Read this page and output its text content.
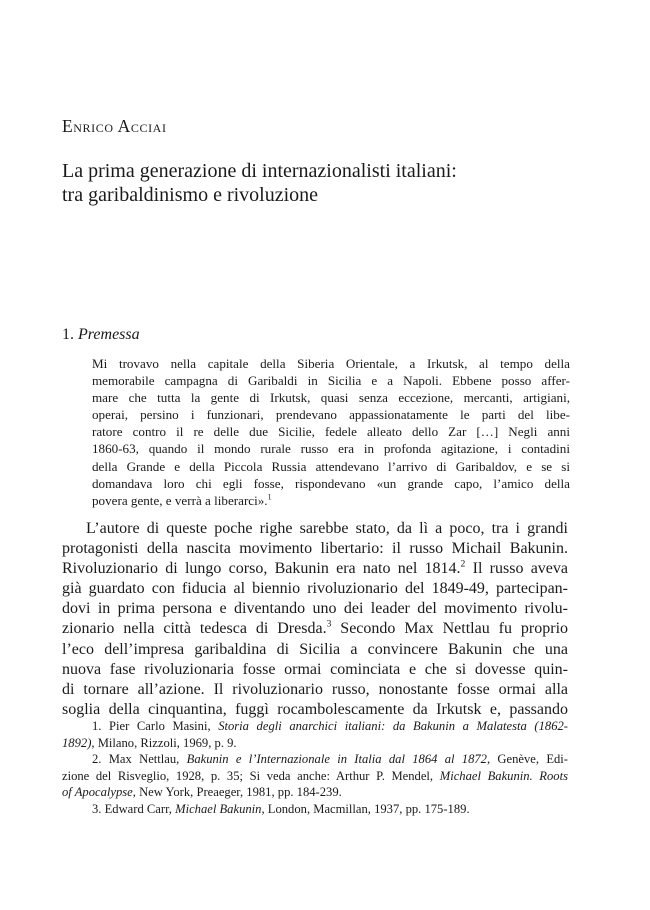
Enrico Acciai
La prima generazione di internazionalisti italiani:
tra garibaldinismo e rivoluzione
1. Premessa
Mi trovavo nella capitale della Siberia Orientale, a Irkutsk, al tempo della
memorabile campagna di Garibaldi in Sicilia e a Napoli. Ebbene posso affer-
mare che tutta la gente di Irkutsk, quasi senza eccezione, mercanti, artigiani,
operai, persino i funzionari, prendevano appassionatamente le parti del libe-
ratore contro il re delle due Sicilie, fedele alleato dello Zar […] Negli anni
1860-63, quando il mondo rurale russo era in profonda agitazione, i contadini
della Grande e della Piccola Russia attendevano l’arrivo di Garibaldov, e se si
domandava loro chi egli fosse, rispondevano «un grande capo, l’amico della
povera gente, e verrà a liberarci».$^1$
L’autore di queste poche righe sarebbe stato, da lì a poco, tra i grandi
protagonisti della nascita movimento libertario: il russo Michail Bakunin.
Rivoluzionario di lungo corso, Bakunin era nato nel 1814.$^2$ Il russo aveva
già guardato con fiducia al biennio rivoluzionario del 1849-49, partecipan-
dovi in prima persona e diventando uno dei leader del movimento rivolu-
zionario nella città tedesca di Dresda.$^3$ Secondo Max Nettlau fu proprio
l’eco dell’impresa garibaldina di Sicilia a convincere Bakunin che una
nuova fase rivoluzionaria fosse ormai cominciata e che si dovesse quin-
di tornare all’azione. Il rivoluzionario russo, nonostante fosse ormai alla
soglia della cinquantina, fuggì rocambolescamente da Irkutsk e, passando
1. Pier Carlo Masini, Storia degli anarchici italiani: da Bakunin a Malatesta (1862-
1892), Milano, Rizzoli, 1969, p. 9.
2. Max Nettlau, Bakunin e l’Internazionale in Italia dal 1864 al 1872, Genève, Edi-
zione del Risveglio, 1928, p. 35; Si veda anche: Arthur P. Mendel, Michael Bakunin. Roots
of Apocalypse, New York, Preaeger, 1981, pp. 184-239.
3. Edward Carr, Michael Bakunin, London, Macmillan, 1937, pp. 175-189.
